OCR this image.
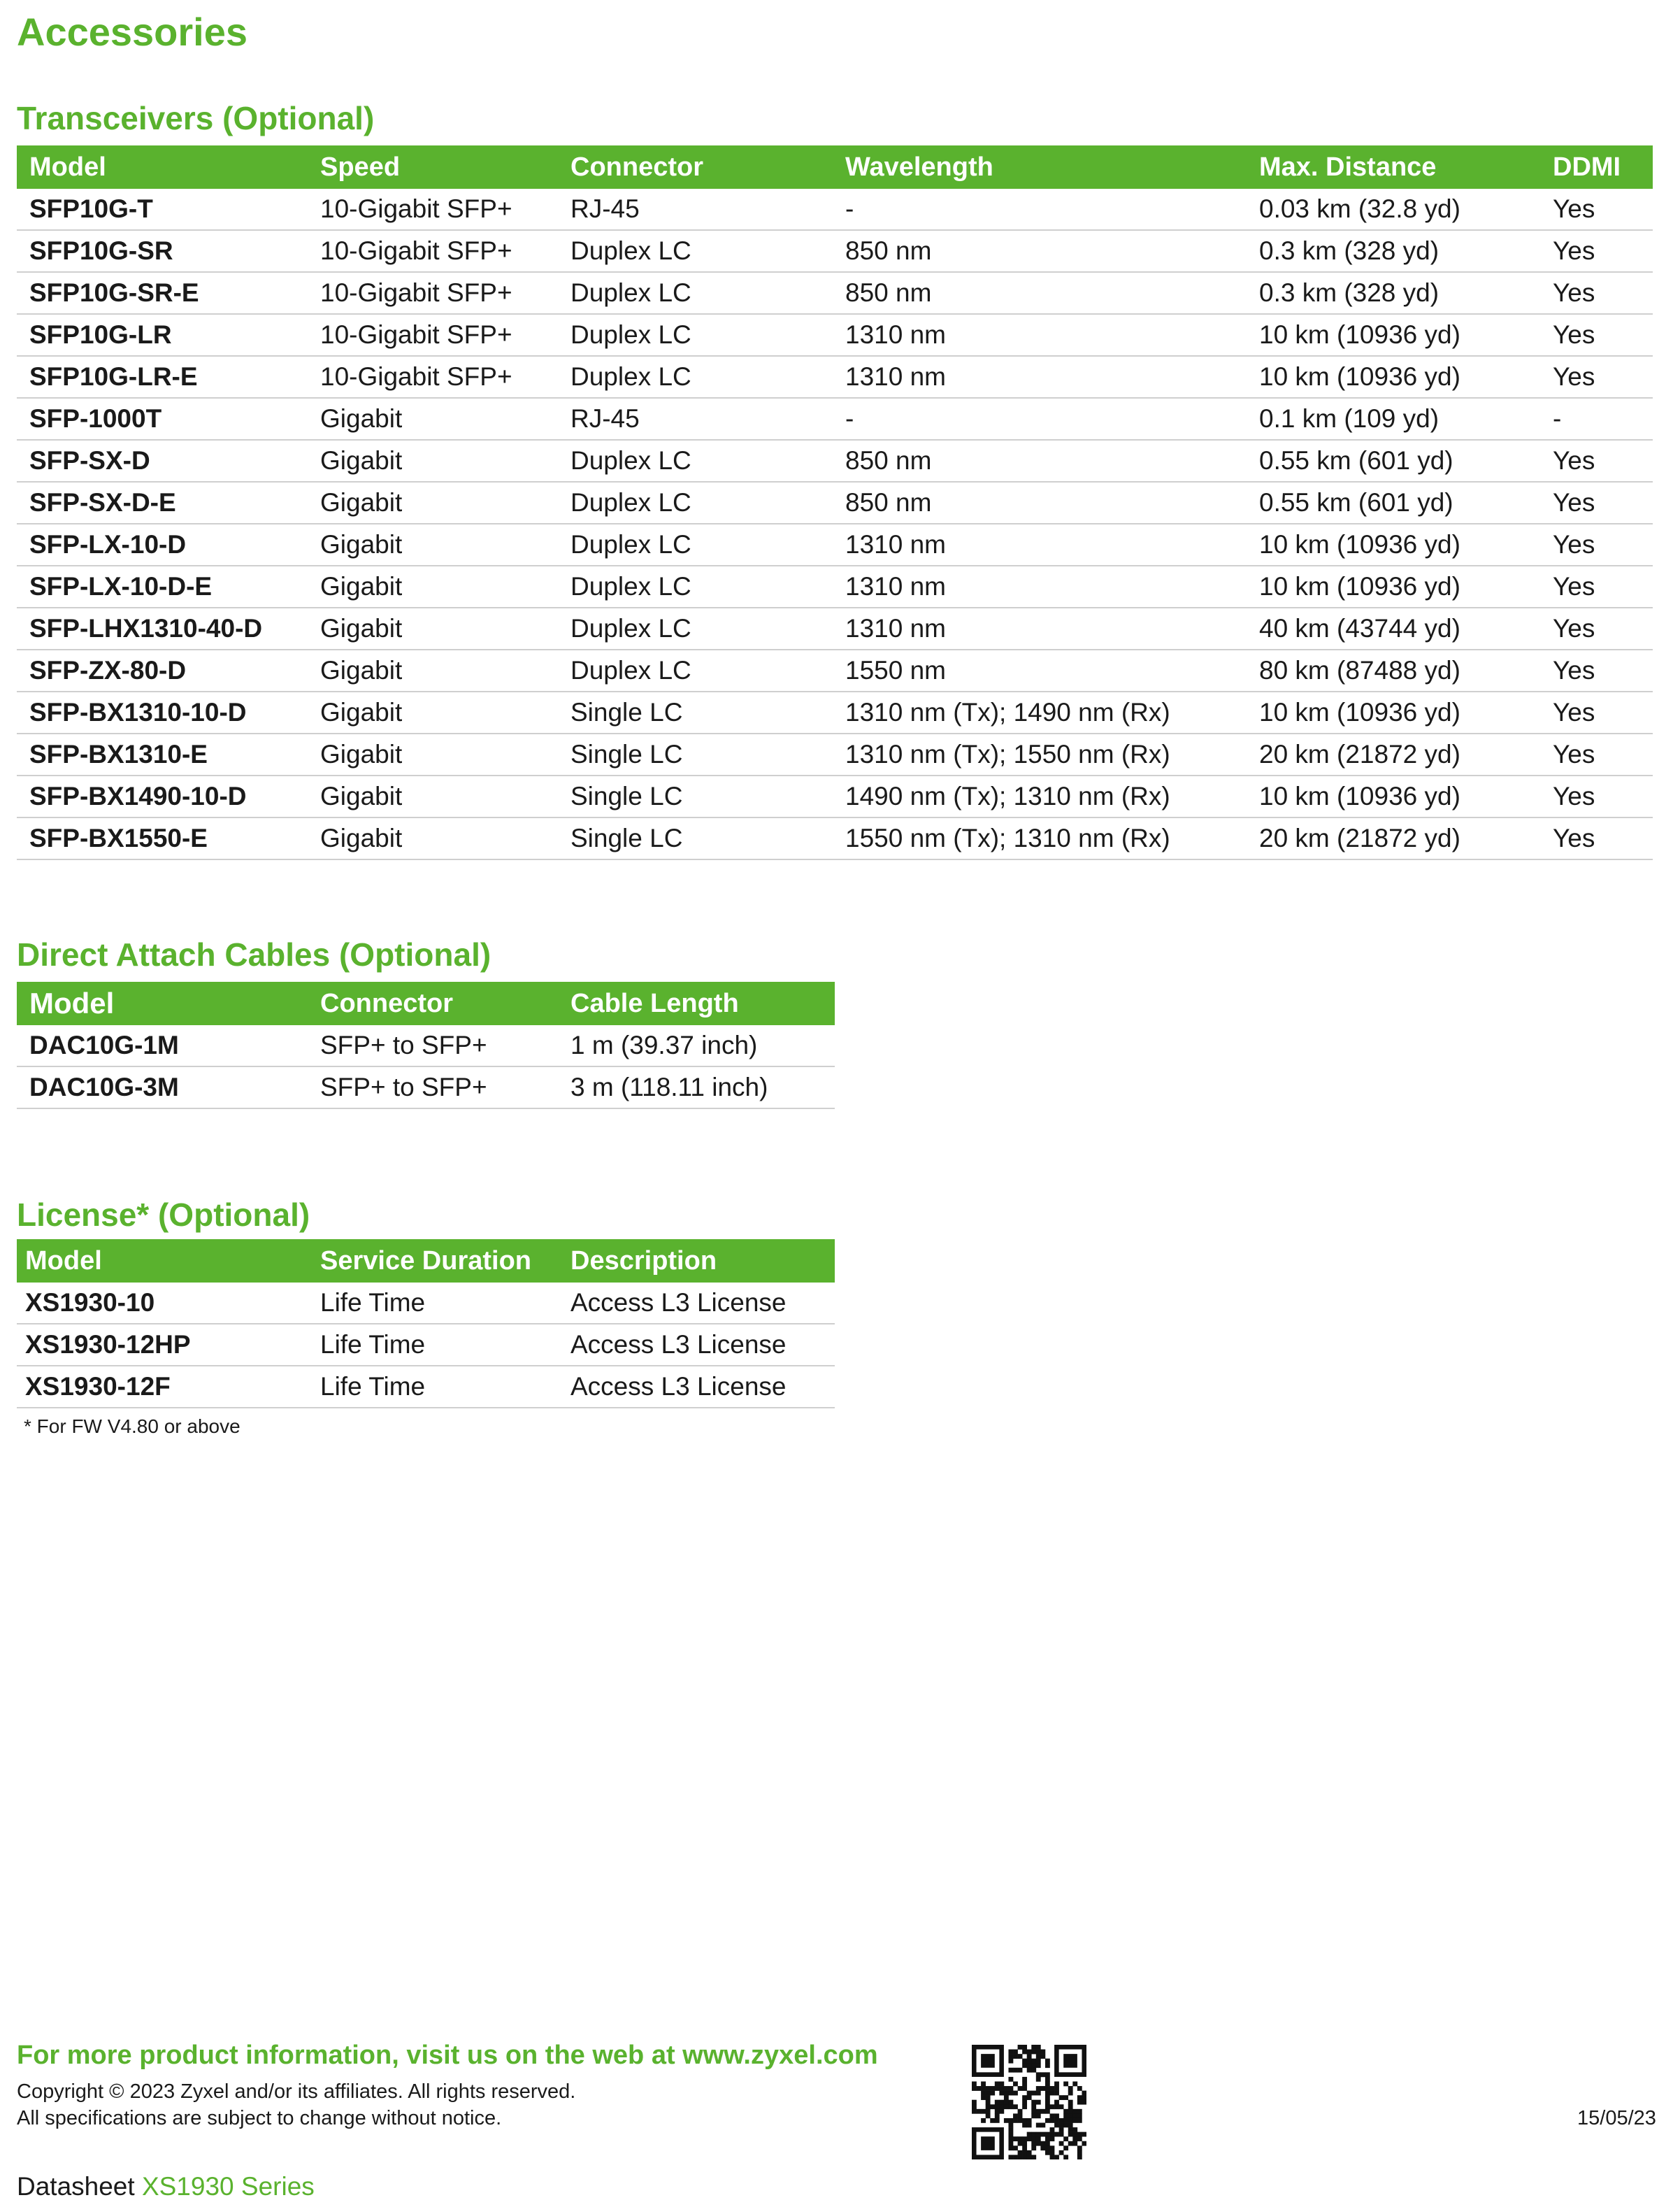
Accessories
Transceivers (Optional)
Model	Speed	Connector	Wavelength	Max. Distance	DDMI
SFP10G-T	10-Gigabit SFP+	RJ-45	-	0.03 km (32.8 yd)	Yes
SFP10G-SR	10-Gigabit SFP+	Duplex LC	850 nm	0.3 km (328 yd)	Yes
SFP10G-SR-E	10-Gigabit SFP+	Duplex LC	850 nm	0.3 km (328 yd)	Yes
SFP10G-LR	10-Gigabit SFP+	Duplex LC	1310 nm	10 km (10936 yd)	Yes
SFP10G-LR-E	10-Gigabit SFP+	Duplex LC	1310 nm	10 km (10936 yd)	Yes
SFP-1000T	Gigabit	RJ-45	-	0.1 km (109 yd)	-
SFP-SX-D	Gigabit	Duplex LC	850 nm	0.55 km (601 yd)	Yes
SFP-SX-D-E	Gigabit	Duplex LC	850 nm	0.55 km (601 yd)	Yes
SFP-LX-10-D	Gigabit	Duplex LC	1310 nm	10 km (10936 yd)	Yes
SFP-LX-10-D-E	Gigabit	Duplex LC	1310 nm	10 km (10936 yd)	Yes
SFP-LHX1310-40-D	Gigabit	Duplex LC	1310 nm	40 km (43744 yd)	Yes
SFP-ZX-80-D	Gigabit	Duplex LC	1550 nm	80 km (87488 yd)	Yes
SFP-BX1310-10-D	Gigabit	Single LC	1310 nm (Tx); 1490 nm (Rx)	10 km (10936 yd)	Yes
SFP-BX1310-E	Gigabit	Single LC	1310 nm (Tx); 1550 nm (Rx)	20 km (21872 yd)	Yes
SFP-BX1490-10-D	Gigabit	Single LC	1490 nm (Tx); 1310 nm (Rx)	10 km (10936 yd)	Yes
SFP-BX1550-E	Gigabit	Single LC	1550 nm (Tx); 1310 nm (Rx)	20 km (21872 yd)	Yes
Direct Attach Cables (Optional)
Model	Connector	Cable Length
DAC10G-1M	SFP+ to SFP+	1 m (39.37 inch)
DAC10G-3M	SFP+ to SFP+	3 m (118.11 inch)
License* (Optional)
Model	Service Duration	Description
XS1930-10	Life Time	Access L3 License
XS1930-12HP	Life Time	Access L3 License
XS1930-12F	Life Time	Access L3 License
* For FW V4.80 or above
For more product information, visit us on the web at www.zyxel.com
Copyright © 2023 Zyxel and/or its affiliates. All rights reserved.
All specifications are subject to change without notice.	15/05/23
Datasheet XS1930 Series
